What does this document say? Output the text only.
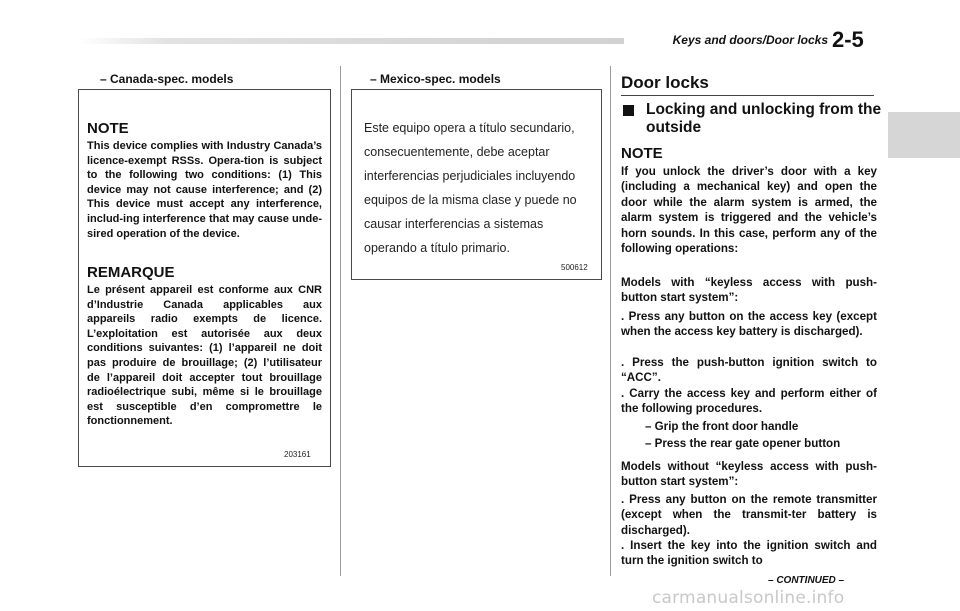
Keys and doors/Door locks 2-5
– Canada-spec. models
NOTE
This device complies with Industry Canada’s licence-exempt RSSs. Opera-tion is subject to the following two conditions: (1) This device may not cause interference; and (2) This device must accept any interference, includ-ing interference that may cause unde-sired operation of the device.
REMARQUE
Le présent appareil est conforme aux CNR d’Industrie Canada applicables aux appareils radio exempts de licence. L’exploitation est autorisée aux deux conditions suivantes: (1) l’appareil ne doit pas produire de brouillage; (2) l’utilisateur de l’appareil doit accepter tout brouillage radioélectrique subi, même si le brouillage est susceptible d’en compromettre le fonctionnement.
203161
– Mexico-spec. models
Este equipo opera a título secundario,
consecuentemente, debe aceptar
interferencias perjudiciales incluyendo
equipos de la misma clase y puede no
causar interferencias a sistemas
operando a título primario.
500612
Door locks
Locking and unlocking from the outside
NOTE
If you unlock the driver’s door with a key (including a mechanical key) and open the door while the alarm system is armed, the alarm system is triggered and the vehicle’s horn sounds. In this case, perform any of the following operations:
Models with “keyless access with push-button start system”:
. Press any button on the access key (except when the access key battery is discharged).
. Press the push-button ignition switch to “ACC”.
. Carry the access key and perform either of the following procedures.
– Grip the front door handle
– Press the rear gate opener button
Models without “keyless access with push-button start system”:
. Press any button on the remote transmitter (except when the transmit-ter battery is discharged).
. Insert the key into the ignition switch and turn the ignition switch to
– CONTINUED –
carmanualsonline.info
